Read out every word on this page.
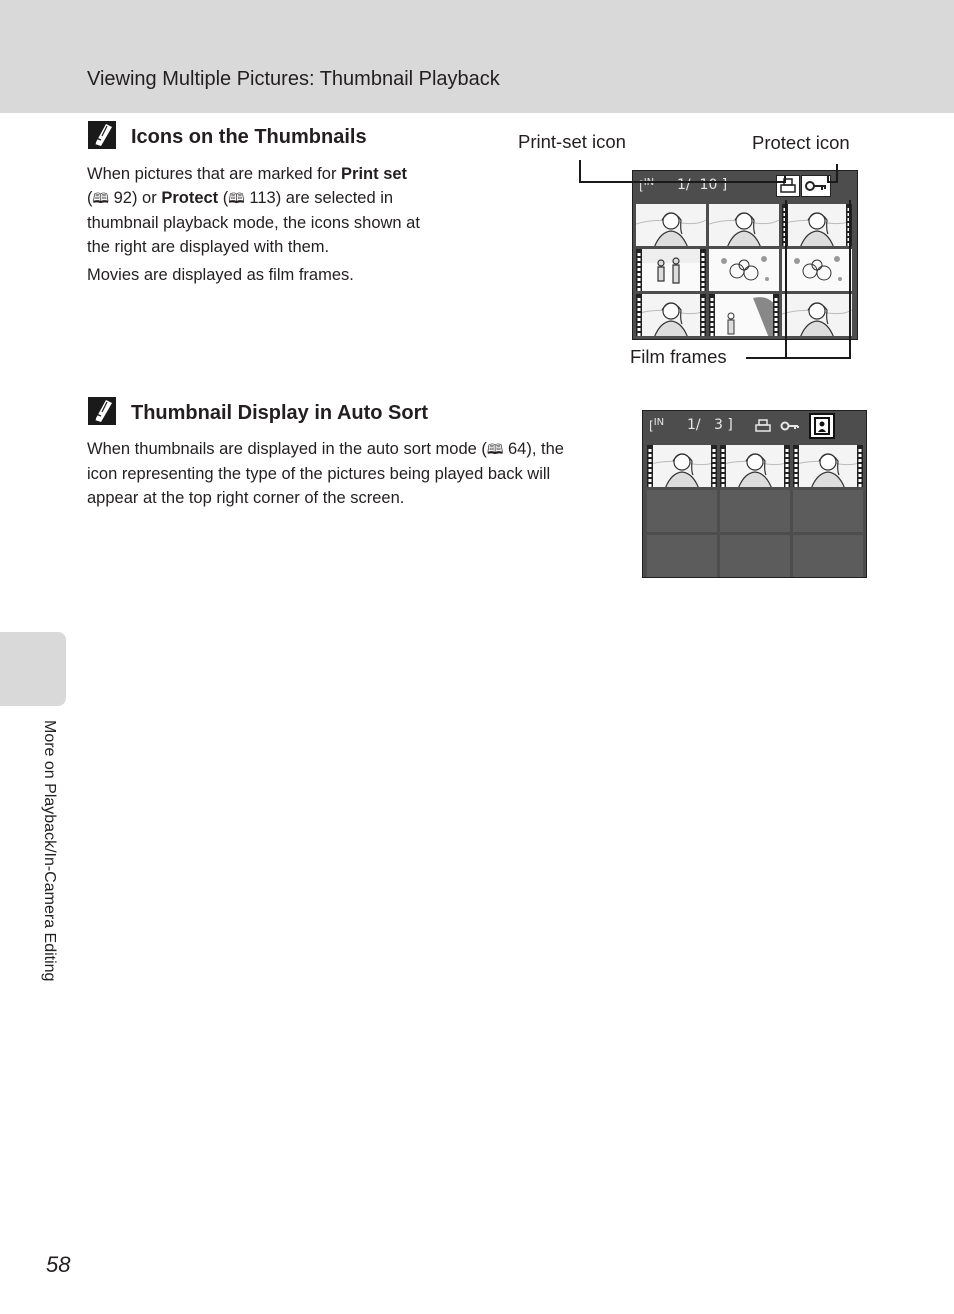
Viewing Multiple Pictures: Thumbnail Playback
More on Playback/In-Camera Editing
58
Icons on the Thumbnails
When pictures that are marked for Print set
(🕮 92) or Protect (🕮 113) are selected in
thumbnail playback mode, the icons shown at
the right are displayed with them.
Movies are displayed as film frames.
Print-set icon	Protect icon
Film frames
[$^{IN}$ 1/ 10 ]
Thumbnail Display in Auto Sort
When thumbnails are displayed in the auto sort mode (🕮 64), the
icon representing the type of the pictures being played back will
appear at the top right corner of the screen.
[$^{IN}$ 1/ 3 ]
